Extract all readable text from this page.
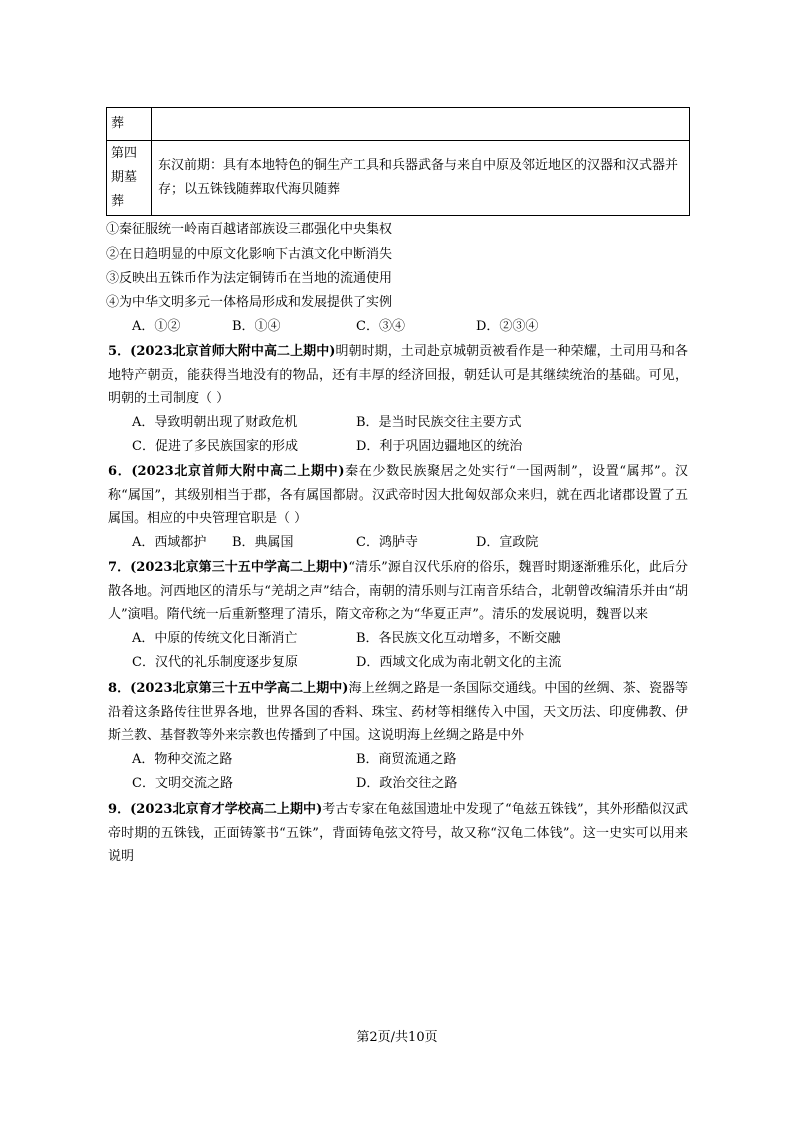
葬	
第四期墓葬	东汉前期：具有本地特色的铜生产工具和兵器武备与来自中原及邻近地区的汉器和汉式器并存；以五铢钱随葬取代海贝随葬
①秦征服统一岭南百越诸部族设三郡强化中央集权
②在日趋明显的中原文化影响下古滇文化中断消失
③反映出五铢币作为法定铜铸币在当地的流通使用
④为中华文明多元一体格局形成和发展提供了实例
A．①②	B．①④	C．③④	D．②③④
5．(2023北京首师大附中高二上期中)明朝时期，土司赴京城朝贡被看作是一种荣耀，土司用马和各地特产朝贡，能获得当地没有的物品，还有丰厚的经济回报，朝廷认可是其继续统治的基础。可见，明朝的土司制度（ ）
A．导致明朝出现了财政危机	B．是当时民族交往主要方式
C．促进了多民族国家的形成	D．利于巩固边疆地区的统治
6．(2023北京首师大附中高二上期中)秦在少数民族聚居之处实行“一国两制”，设置“属邦”。汉称“属国”，其级别相当于郡，各有属国都尉。汉武帝时因大批匈奴部众来归，就在西北诸郡设置了五属国。相应的中央管理官职是（ ）
A．西域都护 B．典属国	C．鸿胪寺	D．宣政院
7．(2023北京第三十五中学高二上期中)“清乐”源自汉代乐府的俗乐，魏晋时期逐渐雅乐化，此后分散各地。河西地区的清乐与“羌胡之声”结合，南朝的清乐则与江南音乐结合，北朝曾改编清乐并由“胡人”演唱。隋代统一后重新整理了清乐，隋文帝称之为“华夏正声”。清乐的发展说明，魏晋以来
A．中原的传统文化日渐消亡	B．各民族文化互动增多，不断交融
C．汉代的礼乐制度逐步复原	D．西域文化成为南北朝文化的主流
8．(2023北京第三十五中学高二上期中)海上丝绸之路是一条国际交通线。中国的丝绸、茶、瓷器等沿着这条路传往世界各地，世界各国的香料、珠宝、药材等相继传入中国，天文历法、印度佛教、伊斯兰教、基督教等外来宗教也传播到了中国。这说明海上丝绸之路是中外
A．物种交流之路	B．商贸流通之路
C．文明交流之路	D．政治交往之路
9．(2023北京育才学校高二上期中)考古专家在龟兹国遗址中发现了“龟兹五铢钱”，其外形酷似汉武帝时期的五铢钱，正面铸篆书“五铢”，背面铸龟弦文符号，故又称“汉龟二体钱”。这一史实可以用来说明
第2页/共10页
